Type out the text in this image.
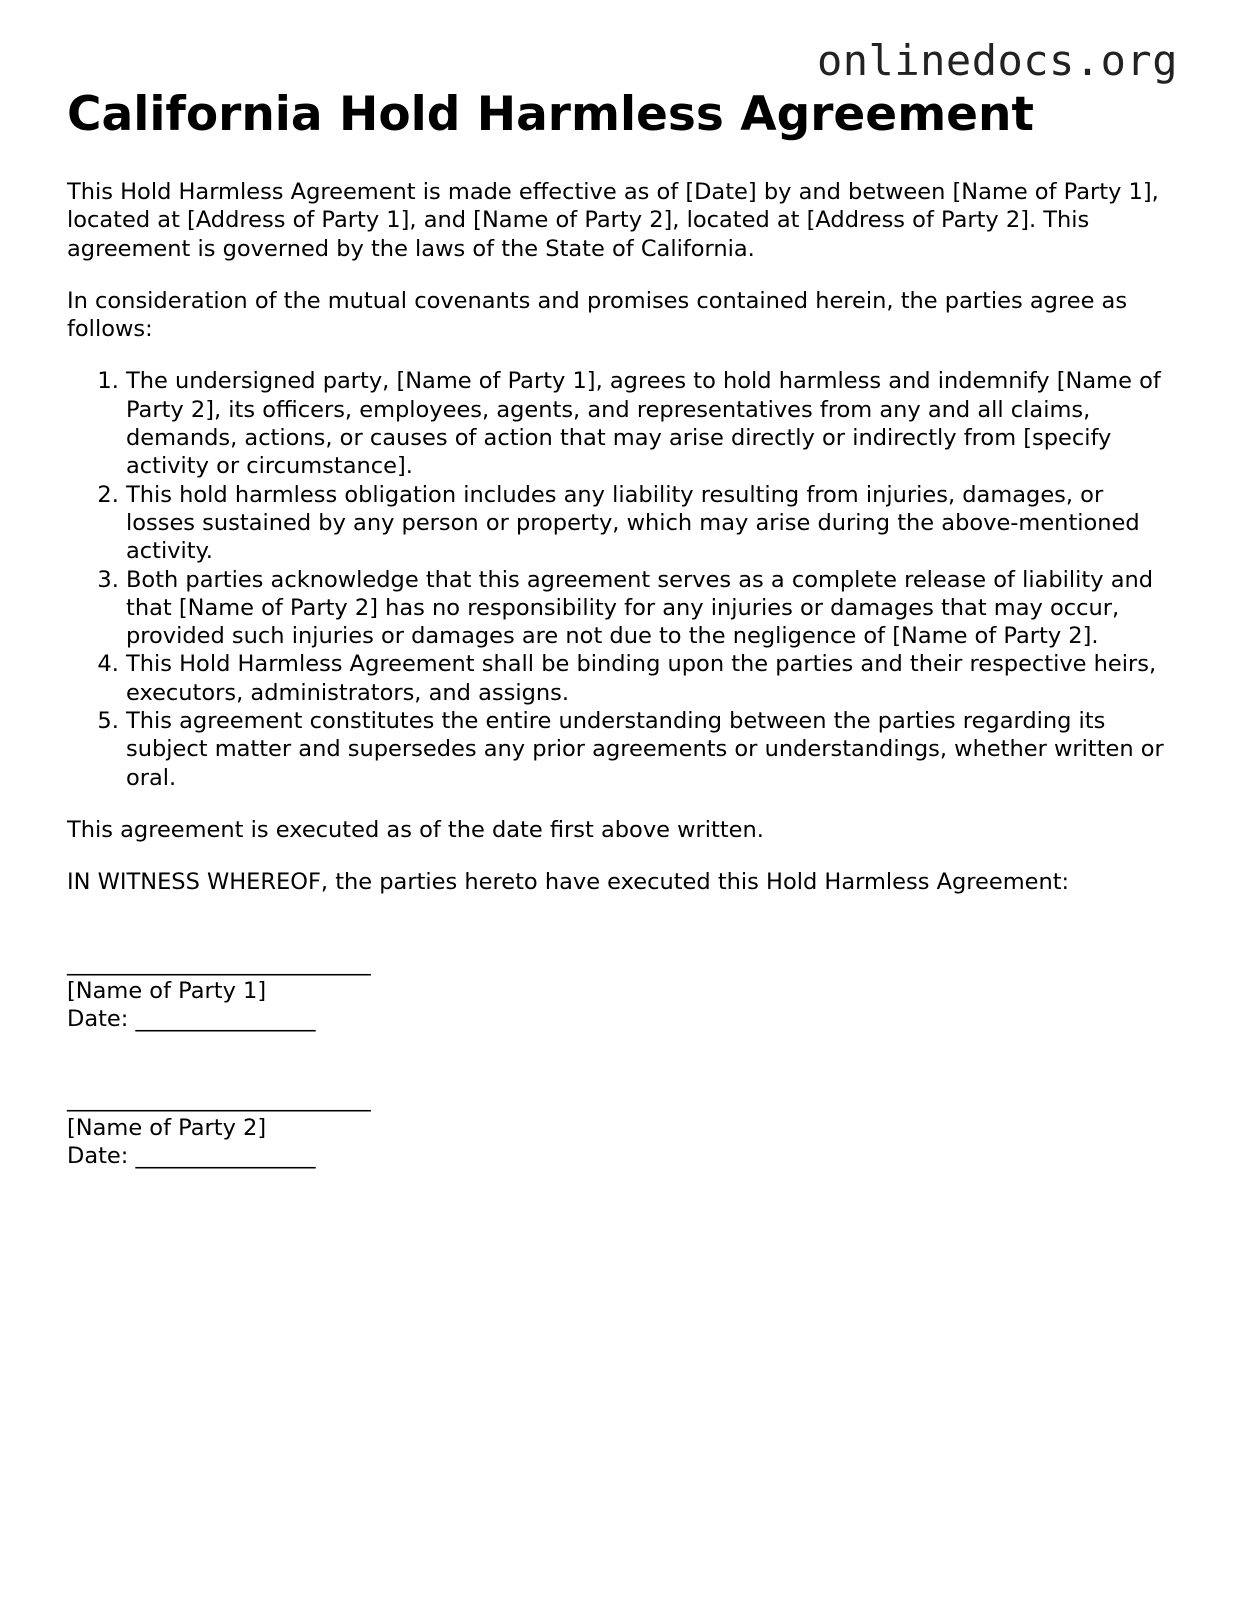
onlinedocs.org
California Hold Harmless Agreement

This Hold Harmless Agreement is made effective as of [Date] by and between [Name of Party 1], located at [Address of Party 1], and [Name of Party 2], located at [Address of Party 2]. This agreement is governed by the laws of the State of California.

In consideration of the mutual covenants and promises contained herein, the parties agree as follows:

1. The undersigned party, [Name of Party 1], agrees to hold harmless and indemnify [Name of Party 2], its officers, employees, agents, and representatives from any and all claims, demands, actions, or causes of action that may arise directly or indirectly from [specify activity or circumstance].
2. This hold harmless obligation includes any liability resulting from injuries, damages, or losses sustained by any person or property, which may arise during the above-mentioned activity.
3. Both parties acknowledge that this agreement serves as a complete release of liability and that [Name of Party 2] has no responsibility for any injuries or damages that may occur, provided such injuries or damages are not due to the negligence of [Name of Party 2].
4. This Hold Harmless Agreement shall be binding upon the parties and their respective heirs, executors, administrators, and assigns.
5. This agreement constitutes the entire understanding between the parties regarding its subject matter and supersedes any prior agreements or understandings, whether written or oral.

This agreement is executed as of the date first above written.

IN WITNESS WHEREOF, the parties hereto have executed this Hold Harmless Agreement:

___________________________
[Name of Party 1]
Date: ________________
___________________________
[Name of Party 2]
Date: ________________
